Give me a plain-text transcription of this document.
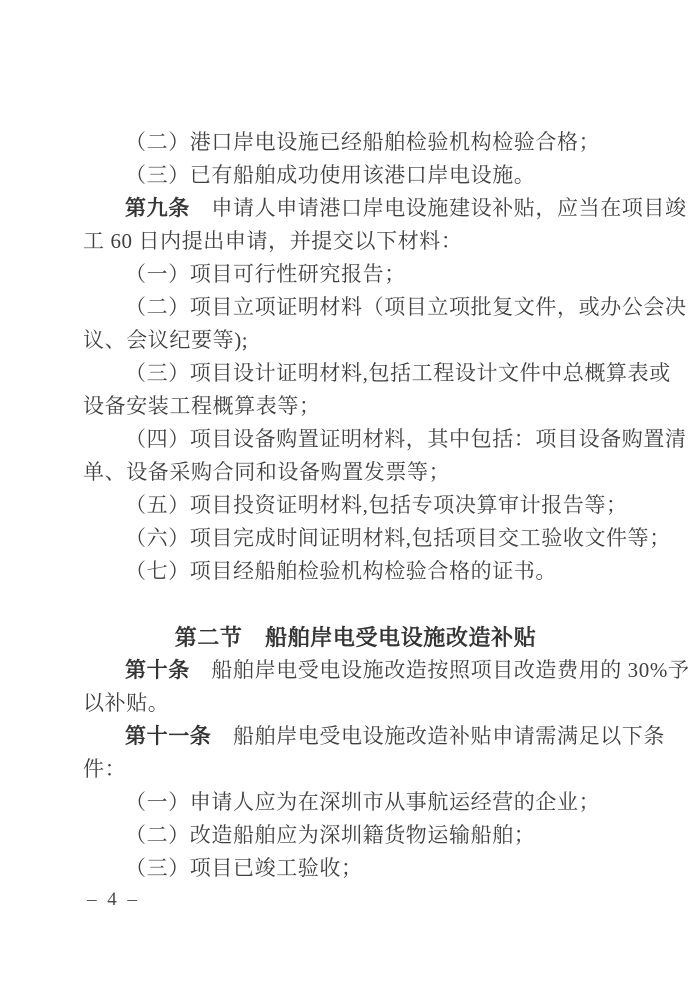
（二）港口岸电设施已经船舶检验机构检验合格；
（三）已有船舶成功使用该港口岸电设施。
第九条　申请人申请港口岸电设施建设补贴，应当在项目竣
工 60 日内提出申请，并提交以下材料：
（一）项目可行性研究报告；
（二）项目立项证明材料（项目立项批复文件，或办公会决
议、会议纪要等);
（三）项目设计证明材料,包括工程设计文件中总概算表或
设备安装工程概算表等；
（四）项目设备购置证明材料，其中包括：项目设备购置清
单、设备采购合同和设备购置发票等；
（五）项目投资证明材料,包括专项决算审计报告等；
（六）项目完成时间证明材料,包括项目交工验收文件等；
（七）项目经船舶检验机构检验合格的证书。
第二节　船舶岸电受电设施改造补贴
第十条　船舶岸电受电设施改造按照项目改造费用的 30%予
以补贴。
第十一条　船舶岸电受电设施改造补贴申请需满足以下条
件：
（一）申请人应为在深圳市从事航运经营的企业；
（二）改造船舶应为深圳籍货物运输船舶；
（三）项目已竣工验收；
– 4 –
